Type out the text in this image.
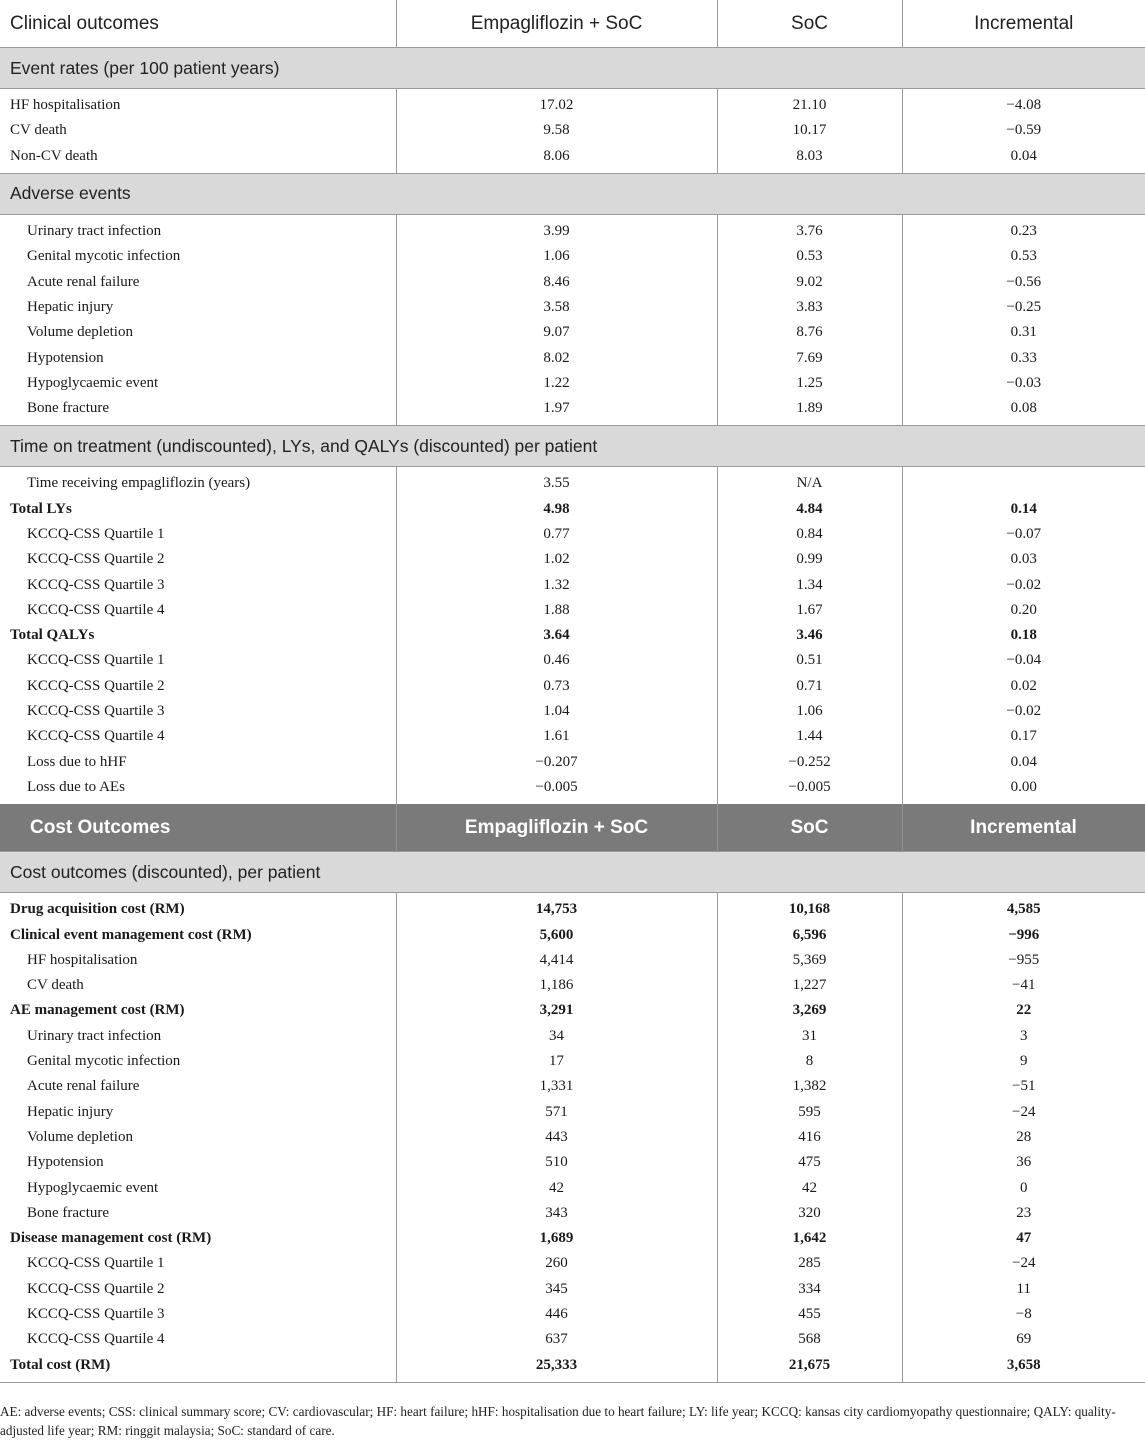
Clinical outcomes	Empagliflozin + SoC	SoC	Incremental
Event rates (per 100 patient years)			
HF hospitalisation	17.02	21.10	−4.08
CV death	9.58	10.17	−0.59
Non-CV death	8.06	8.03	0.04
Adverse events			
Urinary tract infection	3.99	3.76	0.23
Genital mycotic infection	1.06	0.53	0.53
Acute renal failure	8.46	9.02	−0.56
Hepatic injury	3.58	3.83	−0.25
Volume depletion	9.07	8.76	0.31
Hypotension	8.02	7.69	0.33
Hypoglycaemic event	1.22	1.25	−0.03
Bone fracture	1.97	1.89	0.08
Time on treatment (undiscounted), LYs, and QALYs (discounted) per patient			
Time receiving empagliflozin (years)	3.55	N/A	
Total LYs	4.98	4.84	0.14
KCCQ-CSS Quartile 1	0.77	0.84	−0.07
KCCQ-CSS Quartile 2	1.02	0.99	0.03
KCCQ-CSS Quartile 3	1.32	1.34	−0.02
KCCQ-CSS Quartile 4	1.88	1.67	0.20
Total QALYs	3.64	3.46	0.18
KCCQ-CSS Quartile 1	0.46	0.51	−0.04
KCCQ-CSS Quartile 2	0.73	0.71	0.02
KCCQ-CSS Quartile 3	1.04	1.06	−0.02
KCCQ-CSS Quartile 4	1.61	1.44	0.17
Loss due to hHF	−0.207	−0.252	0.04
Loss due to AEs	−0.005	−0.005	0.00
Cost Outcomes	Empagliflozin + SoC	SoC	Incremental
Cost outcomes (discounted), per patient			
Drug acquisition cost (RM)	14,753	10,168	4,585
Clinical event management cost (RM)	5,600	6,596	−996
HF hospitalisation	4,414	5,369	−955
CV death	1,186	1,227	−41
AE management cost (RM)	3,291	3,269	22
Urinary tract infection	34	31	3
Genital mycotic infection	17	8	9
Acute renal failure	1,331	1,382	−51
Hepatic injury	571	595	−24
Volume depletion	443	416	28
Hypotension	510	475	36
Hypoglycaemic event	42	42	0
Bone fracture	343	320	23
Disease management cost (RM)	1,689	1,642	47
KCCQ-CSS Quartile 1	260	285	−24
KCCQ-CSS Quartile 2	345	334	11
KCCQ-CSS Quartile 3	446	455	−8
KCCQ-CSS Quartile 4	637	568	69
Total cost (RM)	25,333	21,675	3,658
AE: adverse events; CSS: clinical summary score; CV: cardiovascular; HF: heart failure; hHF: hospitalisation due to heart failure; LY: life year; KCCQ: kansas city cardiomyopathy questionnaire; QALY: quality-adjusted life year; RM: ringgit malaysia; SoC: standard of care.
